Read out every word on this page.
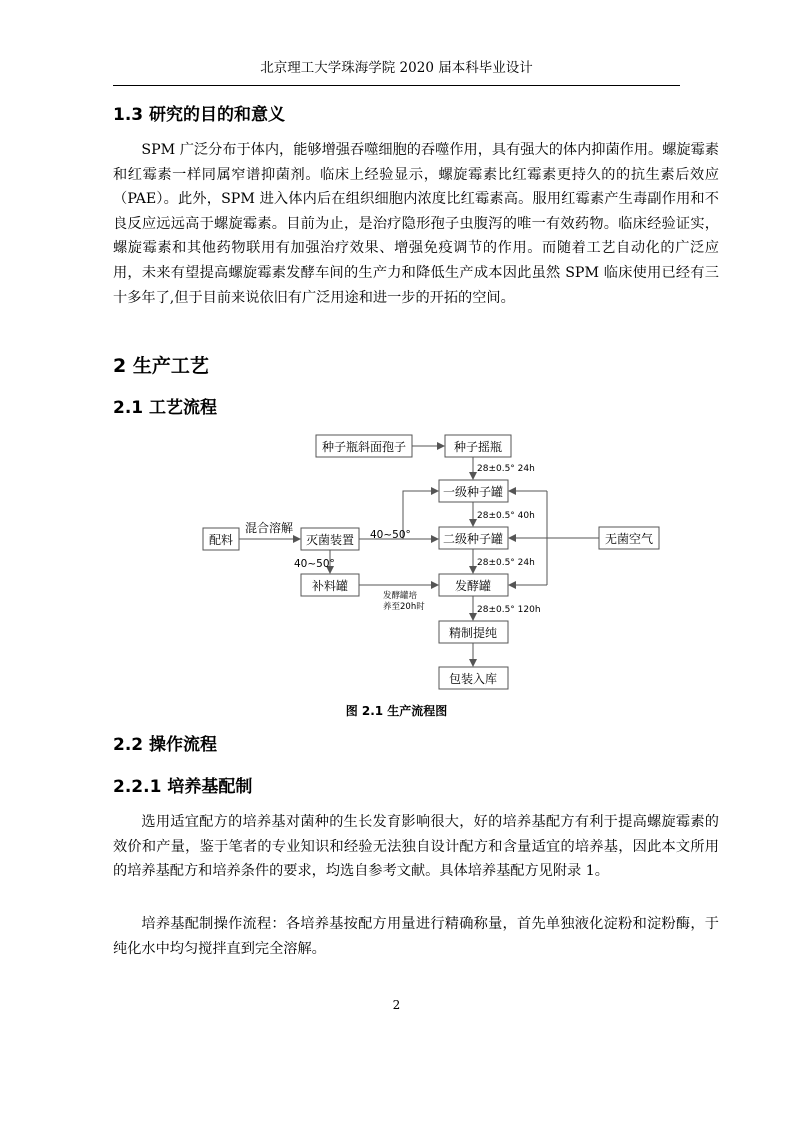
北京理工大学珠海学院 2020 届本科毕业设计
1.3 研究的目的和意义

SPM 广泛分布于体内，能够增强吞噬细胞的吞噬作用，具有强大的体内抑菌作用。螺旋霉素和红霉素一样同属窄谱抑菌剂。临床上经验显示，螺旋霉素比红霉素更持久的的抗生素后效应（PAE）。此外，SPM 进入体内后在组织细胞内浓度比红霉素高。服用红霉素产生毒副作用和不良反应远远高于螺旋霉素。目前为止，是治疗隐形孢子虫腹泻的唯一有效药物。临床经验证实，螺旋霉素和其他药物联用有加强治疗效果、增强免疫调节的作用。而随着工艺自动化的广泛应用，未来有望提高螺旋霉素发酵车间的生产力和降低生产成本因此虽然 SPM 临床使用已经有三十多年了,但于目前来说依旧有广泛用途和进一步的开拓的空间。

2 生产工艺
2.1 工艺流程
种子瓶斜面孢子	种子摇瓶
一级种子罐
二级种子罐
发酵罐
精制提纯
包装入库
配料	灭菌装置
补料罐
无菌空气
28±0.5° 24h
28±0.5° 40h
28±0.5° 24h
28±0.5° 120h
混合溶解	40~50°
40~50°
发酵罐培
养至20h时
图 2.1 生产流程图
2.2 操作流程
2.2.1 培养基配制

选用适宜配方的培养基对菌种的生长发育影响很大，好的培养基配方有利于提高螺旋霉素的效价和产量，鉴于笔者的专业知识和经验无法独自设计配方和含量适宜的培养基，因此本文所用的培养基配方和培养条件的要求，均选自参考文献。具体培养基配方见附录 1。

培养基配制操作流程：各培养基按配方用量进行精确称量，首先单独液化淀粉和淀粉酶，于纯化水中均匀搅拌直到完全溶解。

2
